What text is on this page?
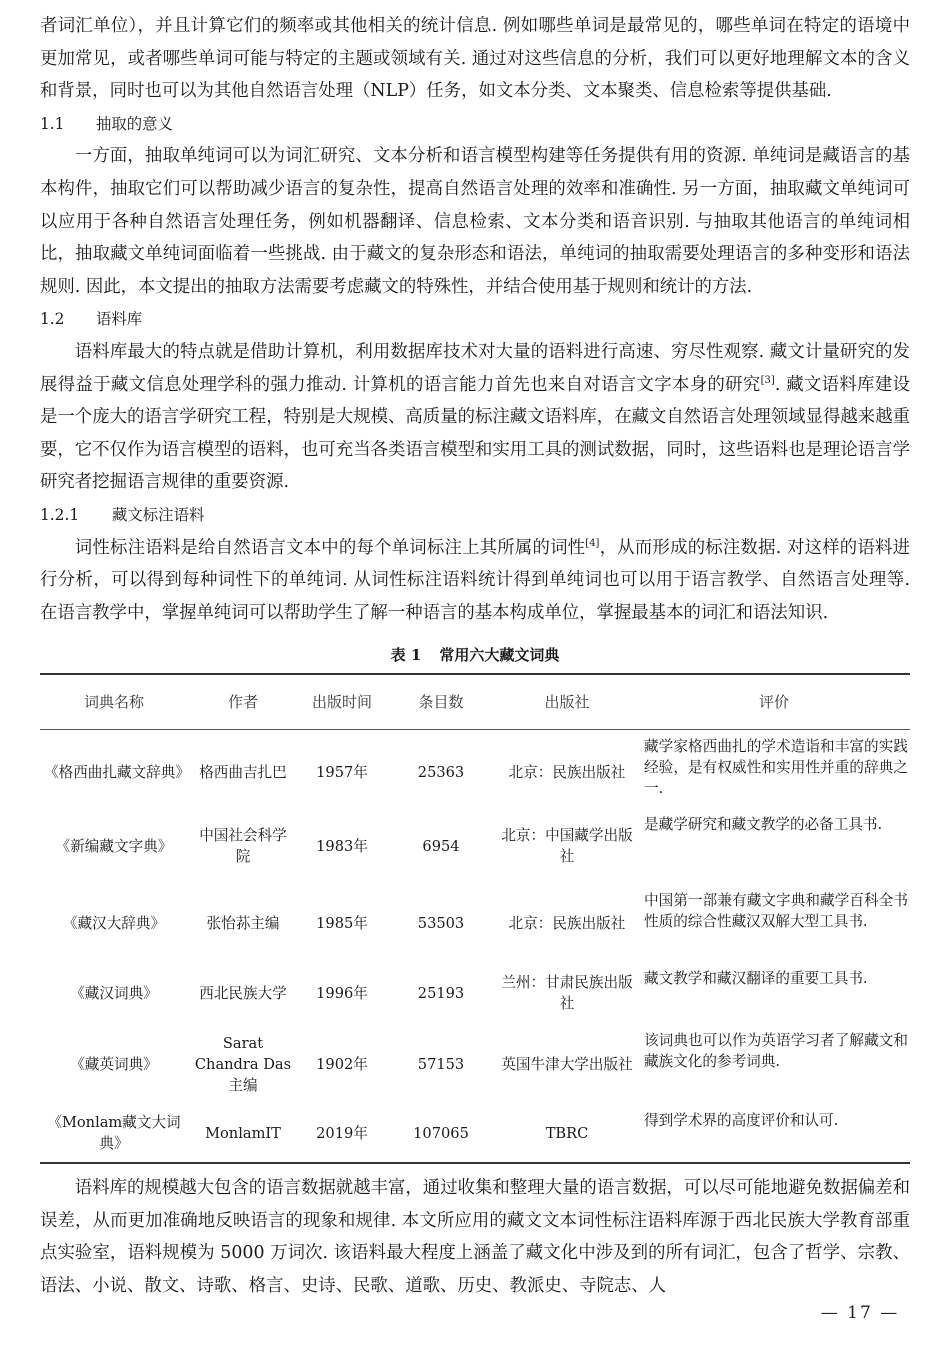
者词汇单位），并且计算它们的频率或其他相关的统计信息. 例如哪些单词是最常见的，哪些单词在特定的语境中更加常见，或者哪些单词可能与特定的主题或领域有关. 通过对这些信息的分析，我们可以更好地理解文本的含义和背景，同时也可以为其他自然语言处理（NLP）任务，如文本分类、文本聚类、信息检索等提供基础.

1.1 抽取的意义

一方面，抽取单纯词可以为词汇研究、文本分析和语言模型构建等任务提供有用的资源. 单纯词是藏语言的基本构件，抽取它们可以帮助减少语言的复杂性，提高自然语言处理的效率和准确性. 另一方面，抽取藏文单纯词可以应用于各种自然语言处理任务，例如机器翻译、信息检索、文本分类和语音识别. 与抽取其他语言的单纯词相比，抽取藏文单纯词面临着一些挑战. 由于藏文的复杂形态和语法，单纯词的抽取需要处理语言的多种变形和语法规则. 因此，本文提出的抽取方法需要考虑藏文的特殊性，并结合使用基于规则和统计的方法.

1.2 语料库

语料库最大的特点就是借助计算机，利用数据库技术对大量的语料进行高速、穷尽性观察. 藏文计量研究的发展得益于藏文信息处理学科的强力推动. 计算机的语言能力首先也来自对语言文字本身的研究[3]. 藏文语料库建设是一个庞大的语言学研究工程，特别是大规模、高质量的标注藏文语料库，在藏文自然语言处理领域显得越来越重要，它不仅作为语言模型的语料，也可充当各类语言模型和实用工具的测试数据，同时，这些语料也是理论语言学研究者挖掘语言规律的重要资源.

1.2.1 藏文标注语料

词性标注语料是给自然语言文本中的每个单词标注上其所属的词性[4]，从而形成的标注数据. 对这样的语料进行分析，可以得到每种词性下的单纯词. 从词性标注语料统计得到单纯词也可以用于语言教学、自然语言处理等. 在语言教学中，掌握单纯词可以帮助学生了解一种语言的基本构成单位，掌握最基本的词汇和语法知识.

表 1 常用六大藏文词典
词典名称	作者	出版时间	条目数	出版社	评价
《格西曲扎藏文辞典》	格西曲吉扎巴	1957年	25363	北京：民族出版社	藏学家格西曲扎的学术造诣和丰富的实践经验，是有权威性和实用性并重的辞典之一.
《新编藏文字典》	中国社会科学院	1983年	6954	北京：中国藏学出版社	是藏学研究和藏文教学的必备工具书.
《藏汉大辞典》	张怡荪主编	1985年	53503	北京：民族出版社	中国第一部兼有藏文字典和藏学百科全书性质的综合性藏汉双解大型工具书.
《藏汉词典》	西北民族大学	1996年	25193	兰州：甘肃民族出版社	藏文教学和藏汉翻译的重要工具书.
《藏英词典》	Sarat Chandra Das 主编	1902年	57153	英国牛津大学出版社	该词典也可以作为英语学习者了解藏文和藏族文化的参考词典.
《Monlam藏文大词典》	MonlamIT	2019年	107065	TBRC	得到学术界的高度评价和认可.

语料库的规模越大包含的语言数据就越丰富，通过收集和整理大量的语言数据，可以尽可能地避免数据偏差和误差，从而更加准确地反映语言的现象和规律. 本文所应用的藏文文本词性标注语料库源于西北民族大学教育部重点实验室，语料规模为 5000 万词次. 该语料最大程度上涵盖了藏文化中涉及到的所有词汇，包含了哲学、宗教、语法、小说、散文、诗歌、格言、史诗、民歌、道歌、历史、教派史、寺院志、人

— 17 —
